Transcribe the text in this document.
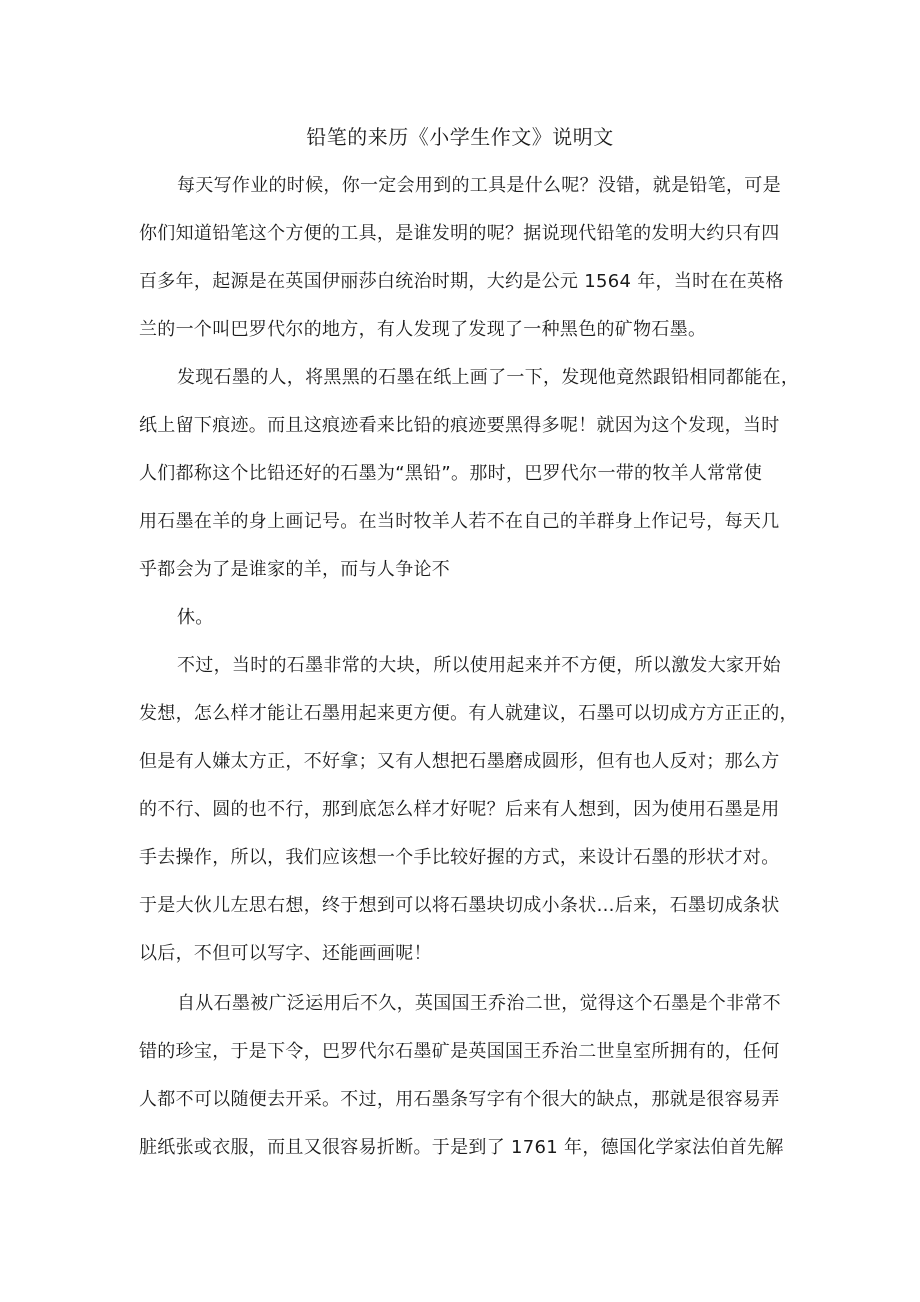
铅笔的来历《小学生作文》说明文
每天写作业的时候，你一定会用到的工具是什么呢？没错，就是铅笔，可是
你们知道铅笔这个方便的工具，是谁发明的呢？据说现代铅笔的发明大约只有四
百多年，起源是在英国伊丽莎白统治时期，大约是公元 1564 年，当时在在英格
兰的一个叫巴罗代尔的地方，有人发现了发现了一种黑色的矿物石墨。
发现石墨的人，将黑黑的石墨在纸上画了一下，发现他竟然跟铅相同都能在，
纸上留下痕迹。而且这痕迹看来比铅的痕迹要黑得多呢！就因为这个发现，当时
人们都称这个比铅还好的石墨为“黑铅”。那时，巴罗代尔一带的牧羊人常常使
用石墨在羊的身上画记号。在当时牧羊人若不在自己的羊群身上作记号，每天几
乎都会为了是谁家的羊，而与人争论不
休。
不过，当时的石墨非常的大块，所以使用起来并不方便，所以激发大家开始
发想，怎么样才能让石墨用起来更方便。有人就建议，石墨可以切成方方正正的，
但是有人嫌太方正，不好拿；又有人想把石墨磨成圆形，但有也人反对；那么方
的不行、圆的也不行，那到底怎么样才好呢？后来有人想到，因为使用石墨是用
手去操作，所以，我们应该想一个手比较好握的方式，来设计石墨的形状才对。
于是大伙儿左思右想，终于想到可以将石墨块切成小条状…后来，石墨切成条状
以后，不但可以写字、还能画画呢！
自从石墨被广泛运用后不久，英国国王乔治二世，觉得这个石墨是个非常不
错的珍宝，于是下令，巴罗代尔石墨矿是英国国王乔治二世皇室所拥有的，任何
人都不可以随便去开采。不过，用石墨条写字有个很大的缺点，那就是很容易弄
脏纸张或衣服，而且又很容易折断。于是到了 1761 年，德国化学家法伯首先解
